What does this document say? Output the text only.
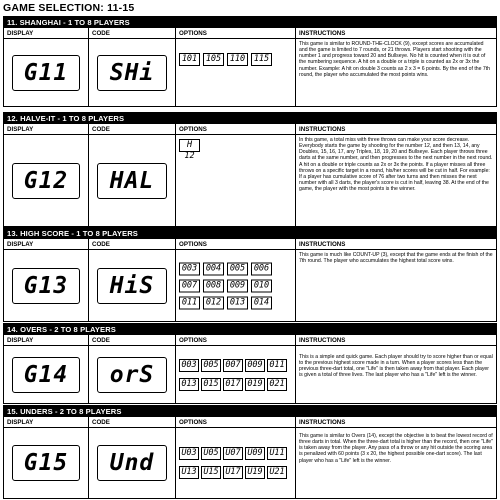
GAME SELECTION: 11-15
11. SHANGHAI - 1 TO 8 PLAYERS
DISPLAY	CODE	OPTIONS	INSTRUCTIONS
G11	SHi
101	105	110	115
This game is similar to ROUND-THE-CLOCK (9), except scores are accumulated and the game is limited to 7 rounds, or 21 throws. Players start shooting with the number 1 and progress toward 20 and Bullseye. No hit is counted when it is out of the numbering sequence. A hit on a double or a triple is counted as 2x or 3x the number. Example: A hit on double 3 counts as 2 x 3 = 6 points. By the end of the 7th round, the player who accumulated the most points wins.
12. HALVE-IT - 1 TO 8 PLAYERS
DISPLAY	CODE	OPTIONS	INSTRUCTIONS
G12	HAL
H 12
In this game, a total miss with three throws can make your score decrease. Everybody starts the game by shooting for the number 12, and then 13, 14, any Doubles, 15, 16, 17, any Triples, 18, 19, 20 and Bullseye. Each player throws three darts at the same number, and then progresses to the next number in the next round. A hit on a double or triple counts as 2x or 3x the points. If a player misses all three throws on a specific target in a round, his/her scores will be cut in half. For example: If a player has cumulative score of 76 after two turns and then misses the next number with all 3 darts, the player's score is cut in half, leaving 38. At the end of the game, the player with the most points is the winner.
13. HIGH SCORE - 1 TO 8 PLAYERS
DISPLAY	CODE	OPTIONS	INSTRUCTIONS
G13	HiS
003	004	005	006
007	008	009	010
011	012	013	014
This game is much like COUNT-UP (3), except that the game ends at the finish of the 7th round. The player who accumulates the highest total score wins.
14. OVERS - 2 TO 8 PLAYERS
DISPLAY	CODE	OPTIONS	INSTRUCTIONS
G14	orS	003 005 007 009 011
013 015 017 019 021
This is a simple and quick game. Each player should try to score higher than or equal to the previous highest score made in a turn. When a player scores less than the previous three-dart total, one "Life" is then taken away from that player. Each player is given a total of three lives. The last player who has a "Life" left is the winner.
15. UNDERS - 2 TO 8 PLAYERS
DISPLAY	CODE	OPTIONS	INSTRUCTIONS
G15	Und	U03 U05 U07 U09 U11
U13 U15 U17 U19 U21
This game is similar to Overs (14), except the objective is to beat the lowest record of three darts in total. When the three-dart total is higher than the record, then one "Life" is taken away from the player. Any pass of a throw or any hit outside the scoring area is penalized with 60 points (3 x 20, the highest possible one-dart score). The last player who has a "Life" left is the winner.
